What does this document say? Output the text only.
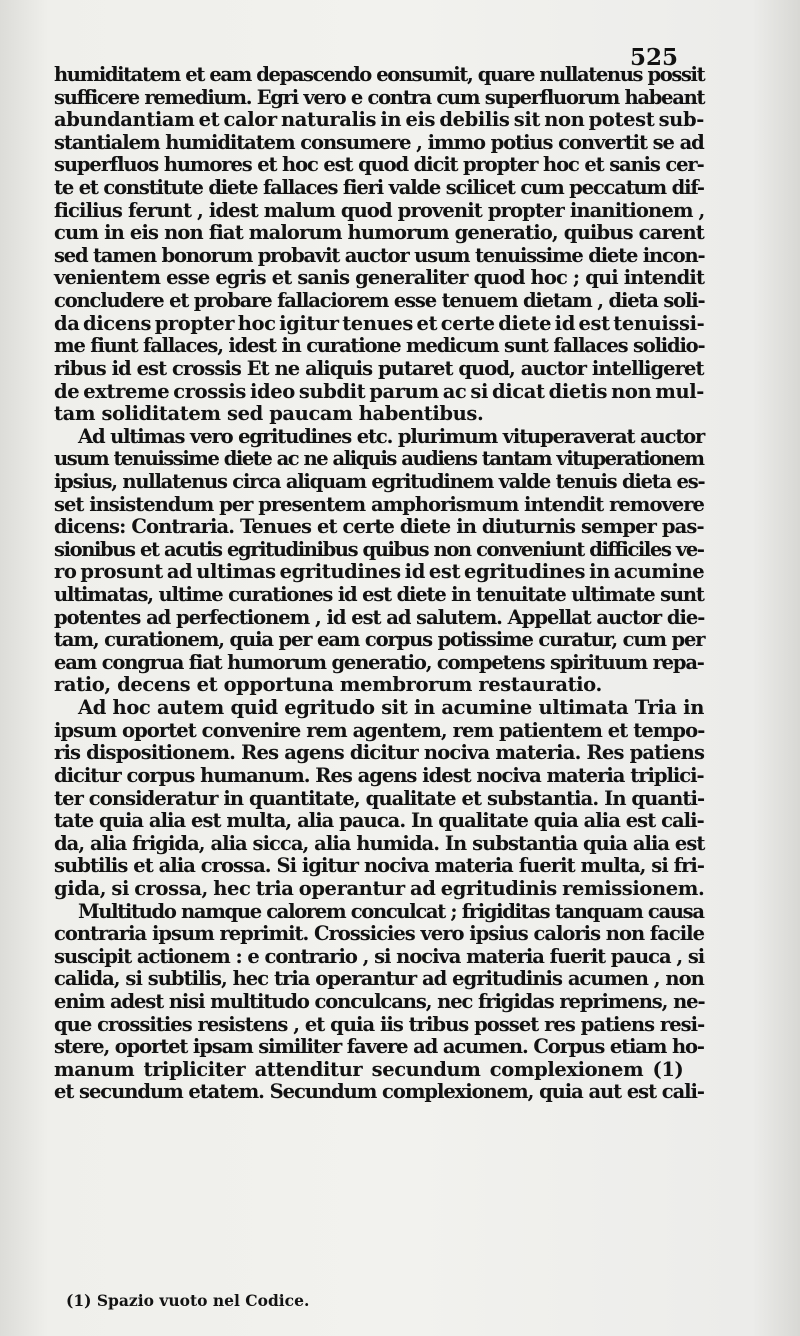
525
humiditatem et eam depascendo eonsumit, quare nullatenus possit
sufficere remedium. Egri vero e contra cum superfluorum habeant
abundantiam et calor naturalis in eis debilis sit non potest sub-
stantialem humiditatem consumere , immo potius convertit se ad
superfluos humores et hoc est quod dicit propter hoc et sanis cer-
te et constitute diete fallaces fieri valde scilicet cum peccatum dif-
ficilius ferunt , idest malum quod provenit propter inanitionem ,
cum in eis non fiat malorum humorum generatio, quibus carent
sed tamen bonorum probavit auctor usum tenuissime diete incon-
venientem esse egris et sanis generaliter quod hoc ; qui intendit
concludere et probare fallaciorem esse tenuem dietam , dieta soli-
da dicens propter hoc igitur tenues et certe diete id est tenuissi-
me fiunt fallaces, idest in curatione medicum sunt fallaces solidio-
ribus id est crossis Et ne aliquis putaret quod, auctor intelligeret
de extreme crossis ideo subdit parum ac si dicat dietis non mul-
tam soliditatem sed paucam habentibus.
Ad ultimas vero egritudines etc. plurimum vituperaverat auctor
usum tenuissime diete ac ne aliquis audiens tantam vituperationem
ipsius, nullatenus circa aliquam egritudinem valde tenuis dieta es-
set insistendum per presentem amphorismum intendit removere
dicens: Contraria. Tenues et certe diete in diuturnis semper pas-
sionibus et acutis egritudinibus quibus non conveniunt difficiles ve-
ro prosunt ad ultimas egritudines id est egritudines in acumine
ultimatas, ultime curationes id est diete in tenuitate ultimate sunt
potentes ad perfectionem , id est ad salutem. Appellat auctor die-
tam, curationem, quia per eam corpus potissime curatur, cum per
eam congrua fiat humorum generatio, competens spirituum repa-
ratio, decens et opportuna membrorum restauratio.
Ad hoc autem quid egritudo sit in acumine ultimata Tria in
ipsum oportet convenire rem agentem, rem patientem et tempo-
ris dispositionem. Res agens dicitur nociva materia. Res patiens
dicitur corpus humanum. Res agens idest nociva materia triplici-
ter consideratur in quantitate, qualitate et substantia. In quanti-
tate quia alia est multa, alia pauca. In qualitate quia alia est cali-
da, alia frigida, alia sicca, alia humida. In substantia quia alia est
subtilis et alia crossa. Si igitur nociva materia fuerit multa, si fri-
gida, si crossa, hec tria operantur ad egritudinis remissionem.
Multitudo namque calorem conculcat ; frigiditas tanquam causa
contraria ipsum reprimit. Crossicies vero ipsius caloris non facile
suscipit actionem : e contrario , si nociva materia fuerit pauca , si
calida, si subtilis, hec tria operantur ad egritudinis acumen , non
enim adest nisi multitudo conculcans, nec frigidas reprimens, ne-
que crossities resistens , et quia iis tribus posset res patiens resi-
stere, oportet ipsam similiter favere ad acumen. Corpus etiam ho-
manum tripliciter attenditur secundum complexionem (1)
et secundum etatem. Secundum complexionem, quia aut est cali-
(1) Spazio vuoto nel Codice.
